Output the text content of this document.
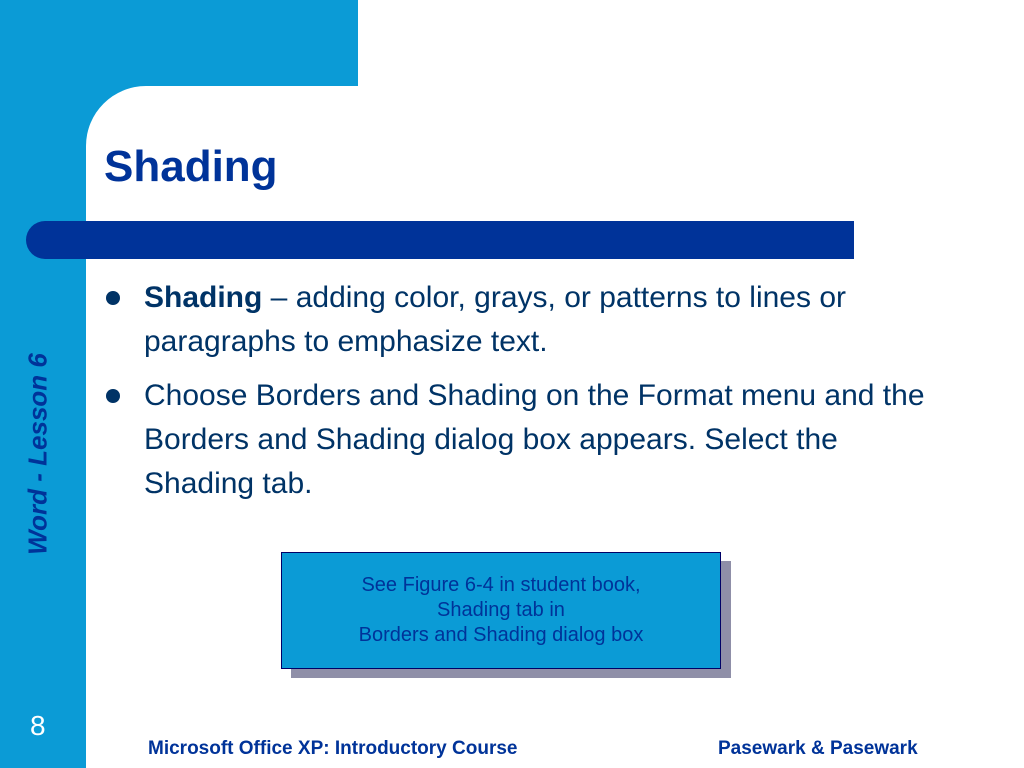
Word - Lesson 6
8
Shading
Shading – adding color, grays, or patterns to lines or paragraphs to emphasize text.
Choose Borders and Shading on the Format menu and the Borders and Shading dialog box appears. Select the Shading tab.
See Figure 6-4 in student book,
Shading tab in
Borders and Shading dialog box
Microsoft Office XP: Introductory Course	Pasewark & Pasewark
